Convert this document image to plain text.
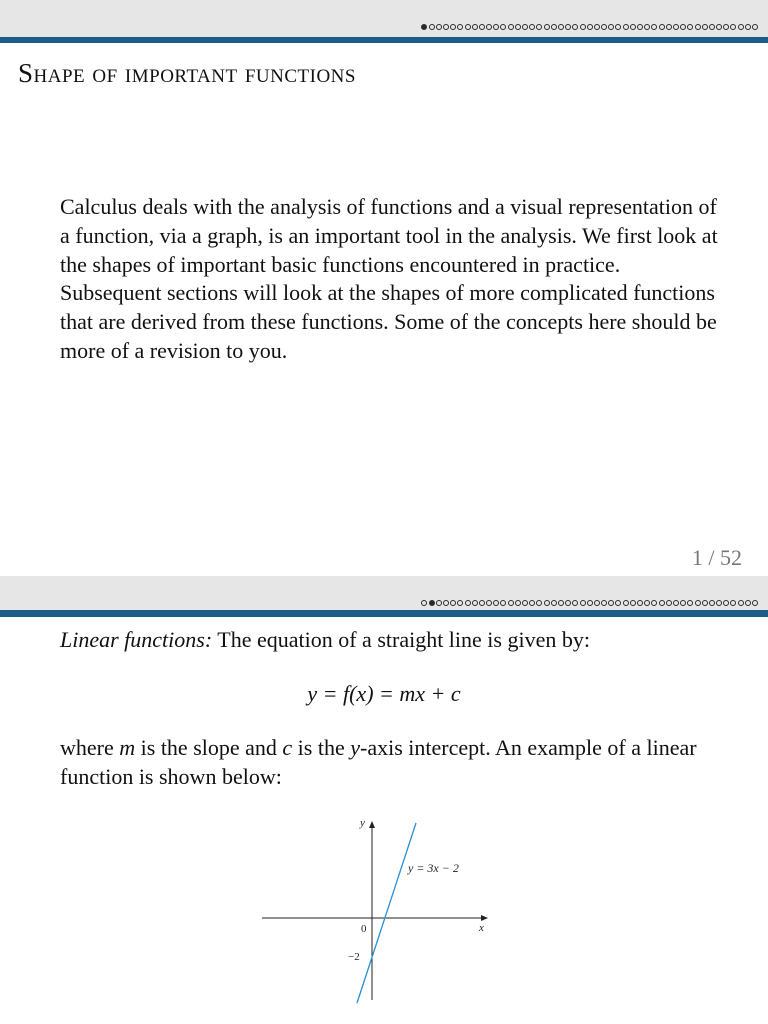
Shape of important functions

Calculus deals with the analysis of functions and a visual representation of a function, via a graph, is an important tool in the analysis. We first look at the shapes of important basic functions encountered in practice. Subsequent sections will look at the shapes of more complicated functions that are derived from these functions. Some of the concepts here should be more of a revision to you.

1 / 52

Linear functions: The equation of a straight line is given by:

y = f(x) = mx + c

where m is the slope and c is the y-axis intercept. An example of a linear function is shown below:

y
x
y = 3x − 2
0
−2
